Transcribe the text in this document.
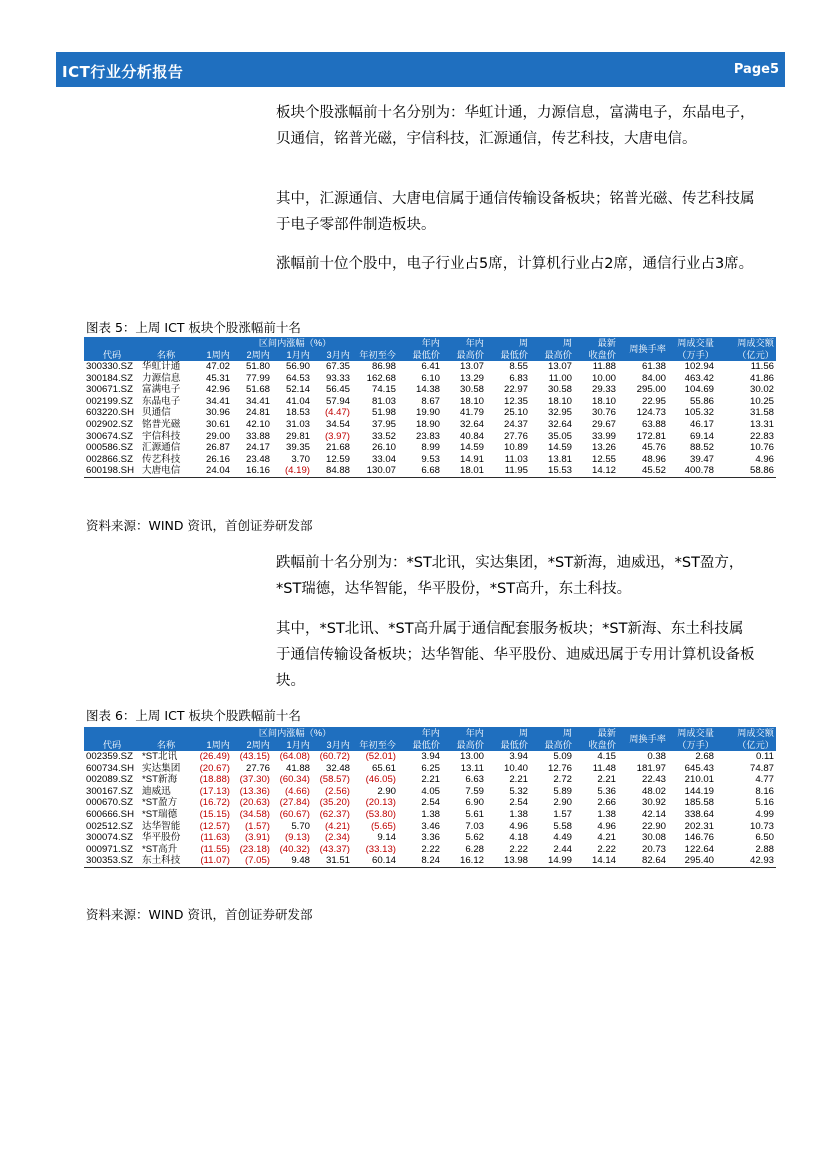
ICT行业分析报告	Page5
板块个股涨幅前十名分别为：华虹计通，力源信息，富满电子，东晶电子，贝通信，铭普光磁，宇信科技，汇源通信，传艺科技，大唐电信。
其中，汇源通信、大唐电信属于通信传输设备板块；铭普光磁、传艺科技属于电子零部件制造板块。
涨幅前十位个股中，电子行业占5席，计算机行业占2席，通信行业占3席。
图表 5：上周 ICT 板块个股涨幅前十名
		区间内涨幅（%）					年内	年内	周	周	最新	周换手率	周成交量	周成交额
代码	名称	1周内	2周内	1月内	3月内	年初至今	最低价	最高价	最低价	最高价	收盘价		（万手）	（亿元）
300330.SZ	华虹计通	47.02	51.80	56.90	67.35	86.98	6.41	13.07	8.55	13.07	11.88	61.38	102.94	11.56
300184.SZ	力源信息	45.31	77.99	64.53	93.33	162.68	6.10	13.29	6.83	11.00	10.00	84.00	463.42	41.86
300671.SZ	富满电子	42.96	51.68	52.14	56.45	74.15	14.38	30.58	22.97	30.58	29.33	295.00	104.69	30.02
002199.SZ	东晶电子	34.41	34.41	41.04	57.94	81.03	8.67	18.10	12.35	18.10	18.10	22.95	55.86	10.25
603220.SH	贝通信	30.96	24.81	18.53	(4.47)	51.98	19.90	41.79	25.10	32.95	30.76	124.73	105.32	31.58
002902.SZ	铭普光磁	30.61	42.10	31.03	34.54	37.95	18.90	32.64	24.37	32.64	29.67	63.88	46.17	13.31
300674.SZ	宇信科技	29.00	33.88	29.81	(3.97)	33.52	23.83	40.84	27.76	35.05	33.99	172.81	69.14	22.83
000586.SZ	汇源通信	26.87	24.17	39.35	21.68	26.10	8.99	14.59	10.89	14.59	13.26	45.76	88.52	10.76
002866.SZ	传艺科技	26.16	23.48	3.70	12.59	33.04	9.53	14.91	11.03	13.81	12.55	48.96	39.47	4.96
600198.SH	大唐电信	24.04	16.16	(4.19)	84.88	130.07	6.68	18.01	11.95	15.53	14.12	45.52	400.78	58.86
资料来源：WIND 资讯，首创证券研发部
跌幅前十名分别为：*ST北讯，实达集团，*ST新海，迪威迅，*ST盈方，*ST瑞德，达华智能，华平股份，*ST高升，东土科技。
其中，*ST北讯、*ST高升属于通信配套服务板块；*ST新海、东土科技属于通信传输设备板块；达华智能、华平股份、迪威迅属于专用计算机设备板块。
图表 6：上周 ICT 板块个股跌幅前十名
		区间内涨幅（%）					年内	年内	周	周	最新	周换手率	周成交量	周成交额
代码	名称	1周内	2周内	1月内	3月内	年初至今	最低价	最高价	最低价	最高价	收盘价		（万手）	（亿元）
002359.SZ	*ST北讯	(26.49)	(43.15)	(64.08)	(60.72)	(52.01)	3.94	13.00	3.94	5.09	4.15	0.38	2.68	0.11
600734.SH	实达集团	(20.67)	27.76	41.88	32.48	65.61	6.25	13.11	10.40	12.76	11.48	181.97	645.43	74.87
002089.SZ	*ST新海	(18.88)	(37.30)	(60.34)	(58.57)	(46.05)	2.21	6.63	2.21	2.72	2.21	22.43	210.01	4.77
300167.SZ	迪威迅	(17.13)	(13.36)	(4.66)	(2.56)	2.90	4.05	7.59	5.32	5.89	5.36	48.02	144.19	8.16
000670.SZ	*ST盈方	(16.72)	(20.63)	(27.84)	(35.20)	(20.13)	2.54	6.90	2.54	2.90	2.66	30.92	185.58	5.16
600666.SH	*ST瑞德	(15.15)	(34.58)	(60.67)	(62.37)	(53.80)	1.38	5.61	1.38	1.57	1.38	42.14	338.64	4.99
002512.SZ	达华智能	(12.57)	(1.57)	5.70	(4.21)	(5.65)	3.46	7.03	4.96	5.58	4.96	22.90	202.31	10.73
300074.SZ	华平股份	(11.63)	(3.91)	(9.13)	(2.34)	9.14	3.36	5.62	4.18	4.49	4.21	30.08	146.76	6.50
000971.SZ	*ST高升	(11.55)	(23.18)	(40.32)	(43.37)	(33.13)	2.22	6.28	2.22	2.44	2.22	20.73	122.64	2.88
300353.SZ	东土科技	(11.07)	(7.05)	9.48	31.51	60.14	8.24	16.12	13.98	14.99	14.14	82.64	295.40	42.93
资料来源：WIND 资讯，首创证券研发部
